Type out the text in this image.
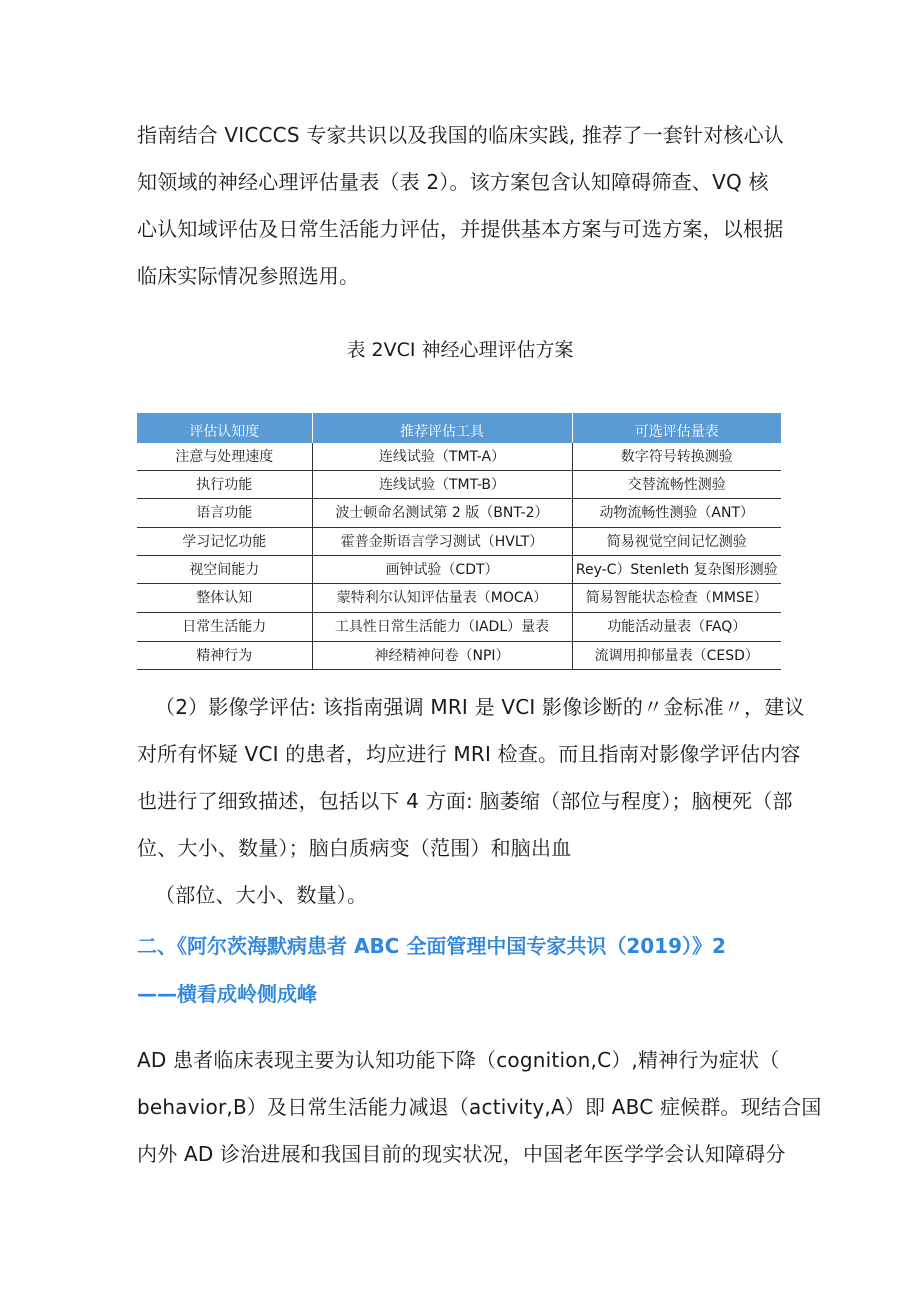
指南结合 VICCCS 专家共识以及我国的临床实践, 推荐了一套针对核心认
知领域的神经心理评估量表（表 2）。该方案包含认知障碍筛查、VQ 核
心认知域评估及日常生活能力评估，并提供基本方案与可选方案，以根据
临床实际情况参照选用。

表 2VCI 神经心理评估方案

评估认知度	推荐评估工具	可选评估量表
注意与处理速度	连线试验（TMT-A）	数字符号转换测验
执行功能	连线试验（TMT-B）	交替流畅性测验
语言功能	波士顿命名测试第 2 版（BNT-2）	动物流畅性测验（ANT）
学习记忆功能	霍普金斯语言学习测试（HVLT）	简易视觉空间记忆测验
视空间能力	画钟试验（CDT）	Rey-C）Stenleth 复杂图形测验
整体认知	蒙特利尔认知评估量表（MOCA）	简易智能状态检查（MMSE）
日常生活能力	工具性日常生活能力（IADL）量表	功能活动量表（FAQ）
精神行为	神经精神问卷（NPI）	流调用抑郁量表（CESD）

（2）影像学评估: 该指南强调 MRI 是 VCI 影像诊断的〃金标准〃，建议
对所有怀疑 VCI 的患者，均应进行 MRI 检查。而且指南对影像学评估内容
也进行了细致描述，包括以下 4 方面: 脑萎缩（部位与程度）；脑梗死（部
位、大小、数量）；脑白质病变（范围）和脑出血
（部位、大小、数量）。

二、《阿尔茨海默病患者 ABC 全面管理中国专家共识（2019）》2

——横看成岭侧成峰

AD 患者临床表现主要为认知功能下降（cognition,C）,精神行为症状（
behavior,B）及日常生活能力减退（activity,A）即 ABC 症候群。现结合国
内外 AD 诊治进展和我国目前的现实状况，中国老年医学学会认知障碍分
